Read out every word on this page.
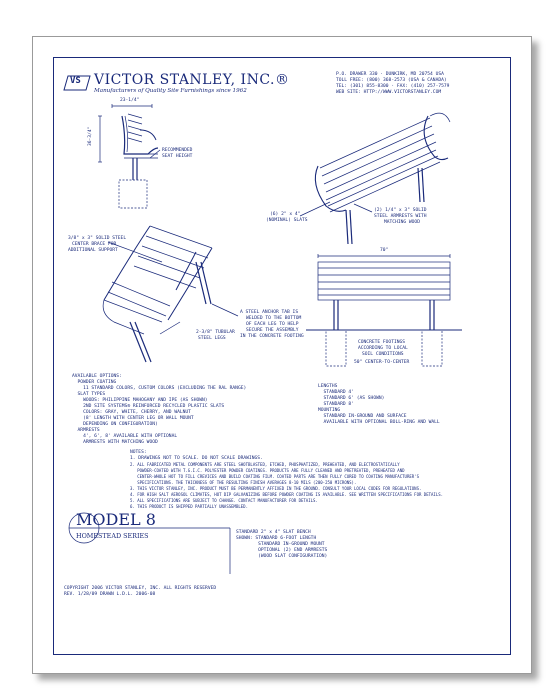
VS VICTOR STANLEY, INC.®
Manufacturers of Quality Site Furnishings since 1962
P.O. DRAWER 330 · DUNKIRK, MD 20754 USA
TOLL FREE: (800) 368-2573 (USA & CANADA)
TEL: (301) 855-8300 · FAX: (410) 257-7579
WEB SITE: HTTP://WWW.VICTORSTANLEY.COM
23-1/4"
36-3/4"
RECOMMENDED
SEAT HEIGHT
(6) 2" x 4"
(NOMINAL) SLATS
(2) 1/4" x 3" SOLID
STEEL ARMRESTS WITH
MATCHING WOOD
3/8" x 3" SOLID STEEL
CENTER BRACE FOR
ADDITIONAL SUPPORT
A STEEL ANCHOR TAB IS
WELDED TO THE BOTTOM
OF EACH LEG TO HELP
SECURE THE ASSEMBLY
IN THE CONCRETE FOOTING
2-3/8" TUBULAR
STEEL LEGS
70"
CONCRETE FOOTINGS
ACCORDING TO LOCAL
SOIL CONDITIONS
50" CENTER-TO-CENTER
AVAILABLE OPTIONS:
POWDER COATING
11 STANDARD COLORS, CUSTOM COLORS (EXCLUDING THE RAL RANGE)
SLAT TYPES
WOODS: PHILIPPINE MAHOGANY AND IPE (AS SHOWN)
2ND SITE SYSTEMS® REINFORCED RECYCLED PLASTIC SLATS
COLORS: GRAY, WHITE, CHERRY, AND WALNUT
(8' LENGTH WITH CENTER LEG OR WALL MOUNT
DEPENDING ON CONFIGURATION)
ARMRESTS
4', 6', 8' AVAILABLE WITH OPTIONAL
ARMRESTS WITH MATCHING WOOD
LENGTHS
STANDARD 4'
STANDARD 6' (AS SHOWN)
STANDARD 8'
MOUNTING
STANDARD IN-GROUND AND SURFACE
AVAILABLE WITH OPTIONAL BOLL-RING AND WALL
NOTES:
1. DRAWINGS NOT TO SCALE. DO NOT SCALE DRAWINGS.
2. ALL FABRICATED METAL COMPONENTS ARE STEEL SHOTBLASTED, ETCHED, PHOSPHATIZED, PREHEATED, AND ELECTROSTATICALLY
POWDER-COATED WITH T.G.I.C. POLYESTER POWDER COATINGS. PRODUCTS ARE FULLY CLEANED AND PRETREATED, PREHEATED AND
CENTER-WHOLE HOT TO FILL CREVICES AND BUILD COATING FILM. COATED PARTS ARE THEN FULLY CURED TO COATING MANUFACTURER'S
SPECIFICATIONS. THE THICKNESS OF THE RESULTING FINISH AVERAGES 8-10 MILS (200-250 MICRONS).
3. THIS VICTOR STANLEY, INC. PRODUCT MUST BE PERMANENTLY AFFIXED IN THE GROUND. CONSULT YOUR LOCAL CODES FOR REGULATIONS.
4. FOR HIGH SALT AEROSOL CLIMATES, HOT DIP GALVANIZING BEFORE POWDER COATING IS AVAILABLE. SEE WRITTEN SPECIFICATIONS FOR DETAILS.
5. ALL SPECIFICATIONS ARE SUBJECT TO CHANGE. CONTACT MANUFACTURER FOR DETAILS.
6. THIS PRODUCT IS SHIPPED PARTIALLY UNASSEMBLED.
MODEL 8
HOMESTEAD SERIES	STANDARD 2" x 4" SLAT BENCH
SHOWN: STANDARD 6-FOOT LENGTH
STANDARD IN-GROUND MOUNT
OPTIONAL (2) END ARMRESTS
(WOOD SLAT CONFIGURATION)
COPYRIGHT 2006 VICTOR STANLEY, INC. ALL RIGHTS RESERVED
REV. 1/28/09 DRAWN L.D.L. 2006-08
